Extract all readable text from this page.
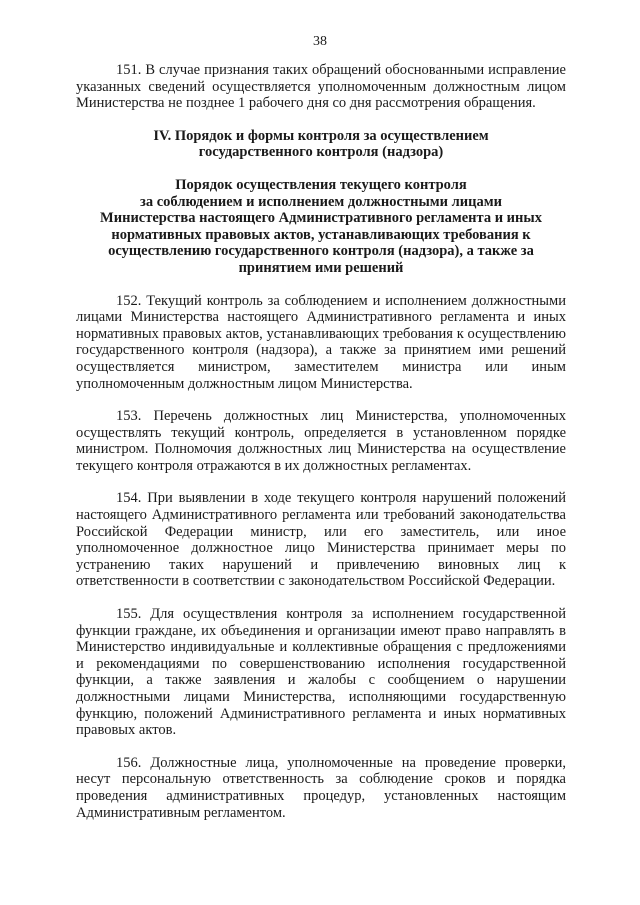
38

151. В случае признания таких обращений обоснованными исправление указанных сведений осуществляется уполномоченным должностным лицом Министерства не позднее 1 рабочего дня со дня рассмотрения обращения.

IV. Порядок и формы контроля за осуществлением
государственного контроля (надзора)
Порядок осуществления текущего контроля
за соблюдением и исполнением должностными лицами
Министерства настоящего Административного регламента и иных
нормативных правовых актов, устанавливающих требования к
осуществлению государственного контроля (надзора), а также за
принятием ими решений

152. Текущий контроль за соблюдением и исполнением должностными лицами Министерства настоящего Административного регламента и иных нормативных правовых актов, устанавливающих требования к осуществлению государственного контроля (надзора), а также за принятием ими решений осуществляется министром, заместителем министра или иным уполномоченным должностным лицом Министерства.

153. Перечень должностных лиц Министерства, уполномоченных осуществлять текущий контроль, определяется в установленном порядке министром. Полномочия должностных лиц Министерства на осуществление текущего контроля отражаются в их должностных регламентах.

154. При выявлении в ходе текущего контроля нарушений положений настоящего Административного регламента или требований законодательства Российской Федерации министр, или его заместитель, или иное уполномоченное должностное лицо Министерства принимает меры по устранению таких нарушений и привлечению виновных лиц к ответственности в соответствии с законодательством Российской Федерации.

155. Для осуществления контроля за исполнением государственной функции граждане, их объединения и организации имеют право направлять в Министерство индивидуальные и коллективные обращения с предложениями и рекомендациями по совершенствованию исполнения государственной функции, а также заявления и жалобы с сообщением о нарушении должностными лицами Министерства, исполняющими государственную функцию, положений Административного регламента и иных нормативных правовых актов.

156. Должностные лица, уполномоченные на проведение проверки, несут персональную ответственность за соблюдение сроков и порядка проведения административных процедур, установленных настоящим Административным регламентом.
